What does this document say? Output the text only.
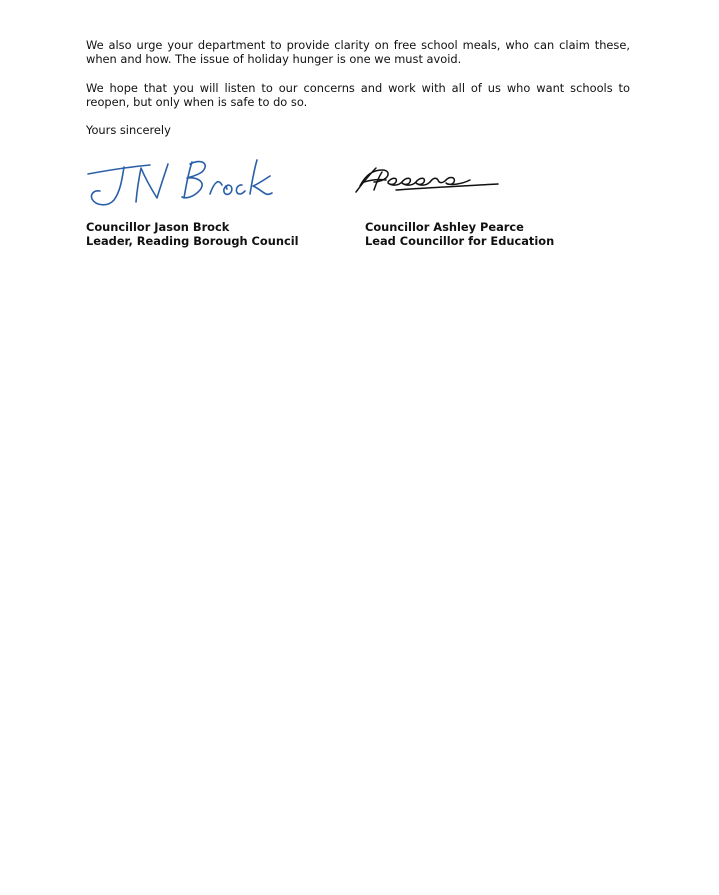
We also urge your department to provide clarity on free school meals, who can claim these, when and how. The issue of holiday hunger is one we must avoid.

We hope that you will listen to our concerns and work with all of us who want schools to reopen, but only when is safe to do so.

Yours sincerely

Councillor Jason Brock
Leader, Reading Borough Council
Councillor Ashley Pearce
Lead Councillor for Education
